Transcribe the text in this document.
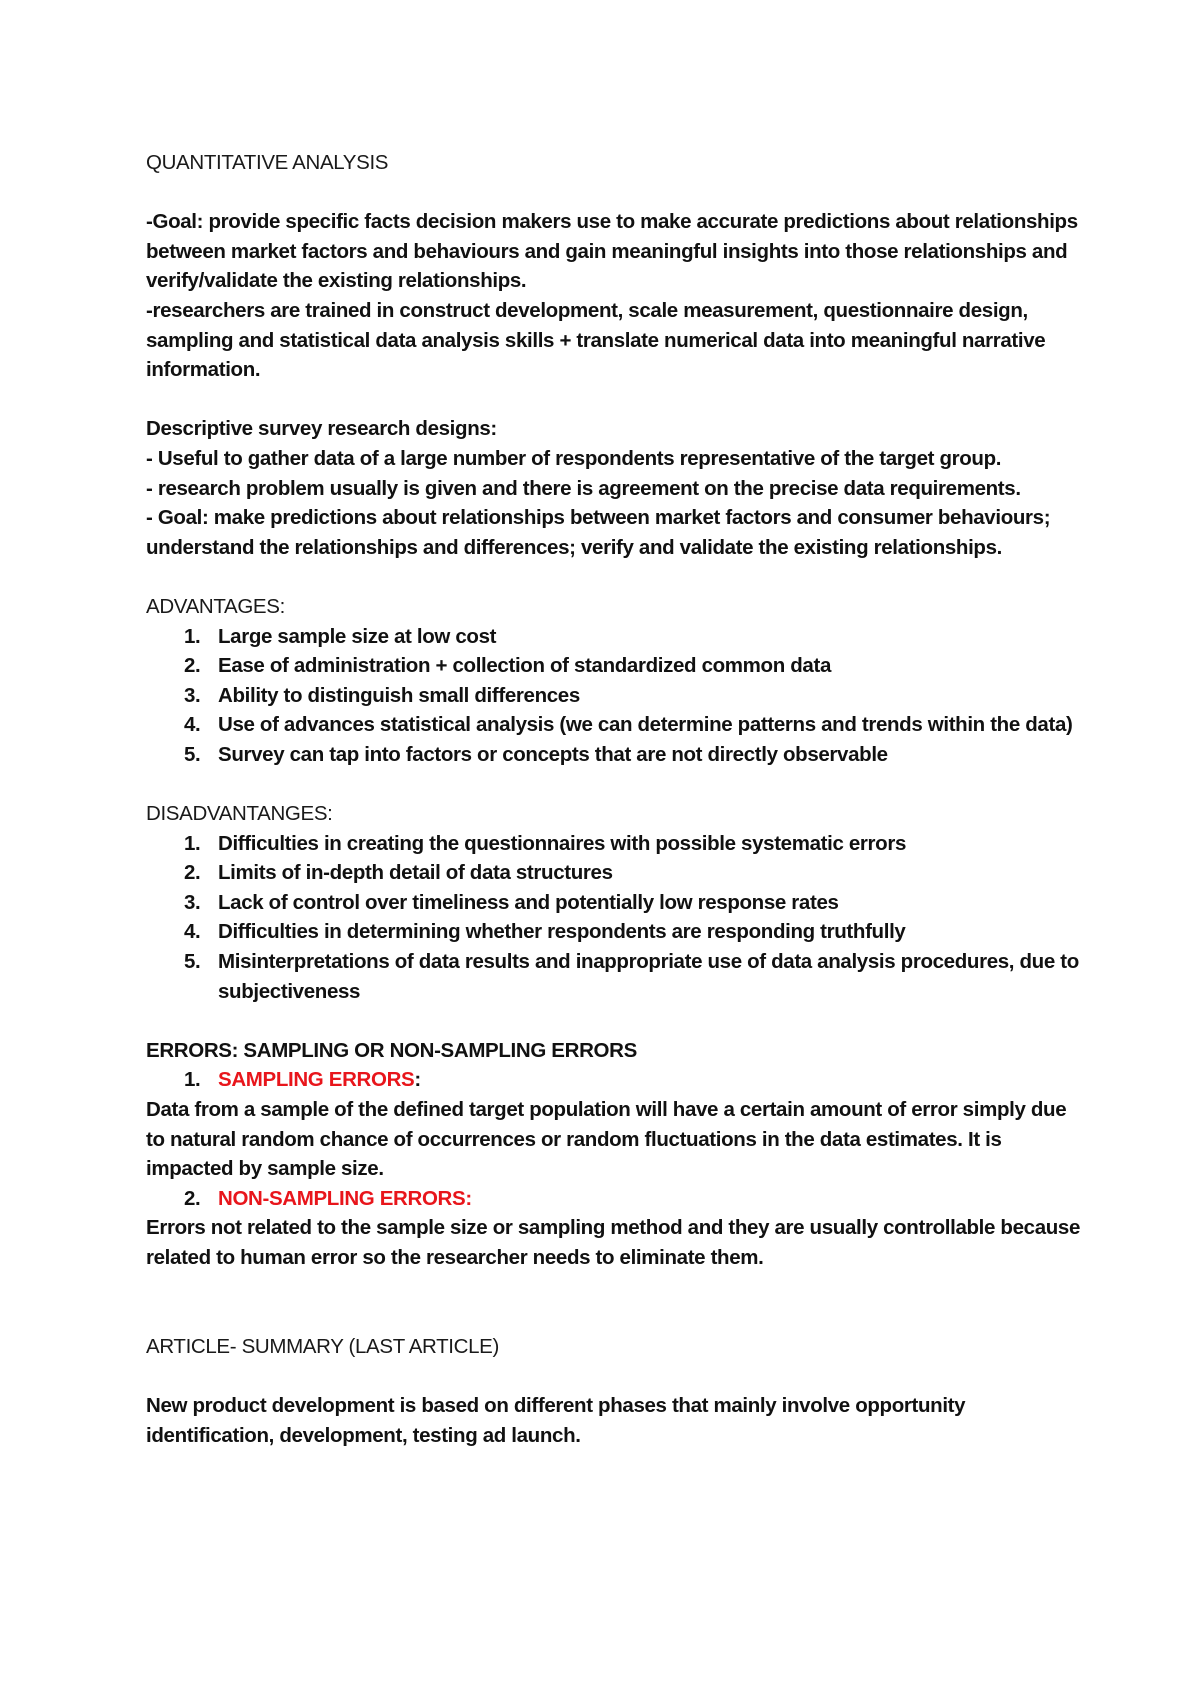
QUANTITATIVE ANALYSIS

-Goal: provide specific facts decision makers use to make accurate predictions about relationships between market factors and behaviours and gain meaningful insights into those relationships and verify/validate the existing relationships.

-researchers are trained in construct development, scale measurement, questionnaire design, sampling and statistical data analysis skills + translate numerical data into meaningful narrative information.

Descriptive survey research designs:

- Useful to gather data of a large number of respondents representative of the target group.

- research problem usually is given and there is agreement on the precise data requirements.

- Goal: make predictions about relationships between market factors and consumer behaviours; understand the relationships and differences; verify and validate the existing relationships.

ADVANTAGES:

1. Large sample size at low cost
2. Ease of administration + collection of standardized common data
3. Ability to distinguish small differences
4. Use of advances statistical analysis (we can determine patterns and trends within the data)
5. Survey can tap into factors or concepts that are not directly observable

DISADVANTANGES:

1. Difficulties in creating the questionnaires with possible systematic errors
2. Limits of in-depth detail of data structures
3. Lack of control over timeliness and potentially low response rates
4. Difficulties in determining whether respondents are responding truthfully
5. Misinterpretations of data results and inappropriate use of data analysis procedures, due to subjectiveness

ERRORS: SAMPLING OR NON-SAMPLING ERRORS

1. SAMPLING ERRORS:

Data from a sample of the defined target population will have a certain amount of error simply due to natural random chance of occurrences or random fluctuations in the data estimates. It is impacted by sample size.

2. NON-SAMPLING ERRORS:

Errors not related to the sample size or sampling method and they are usually controllable because related to human error so the researcher needs to eliminate them.

ARTICLE- SUMMARY (LAST ARTICLE)

New product development is based on different phases that mainly involve opportunity identification, development, testing ad launch.
